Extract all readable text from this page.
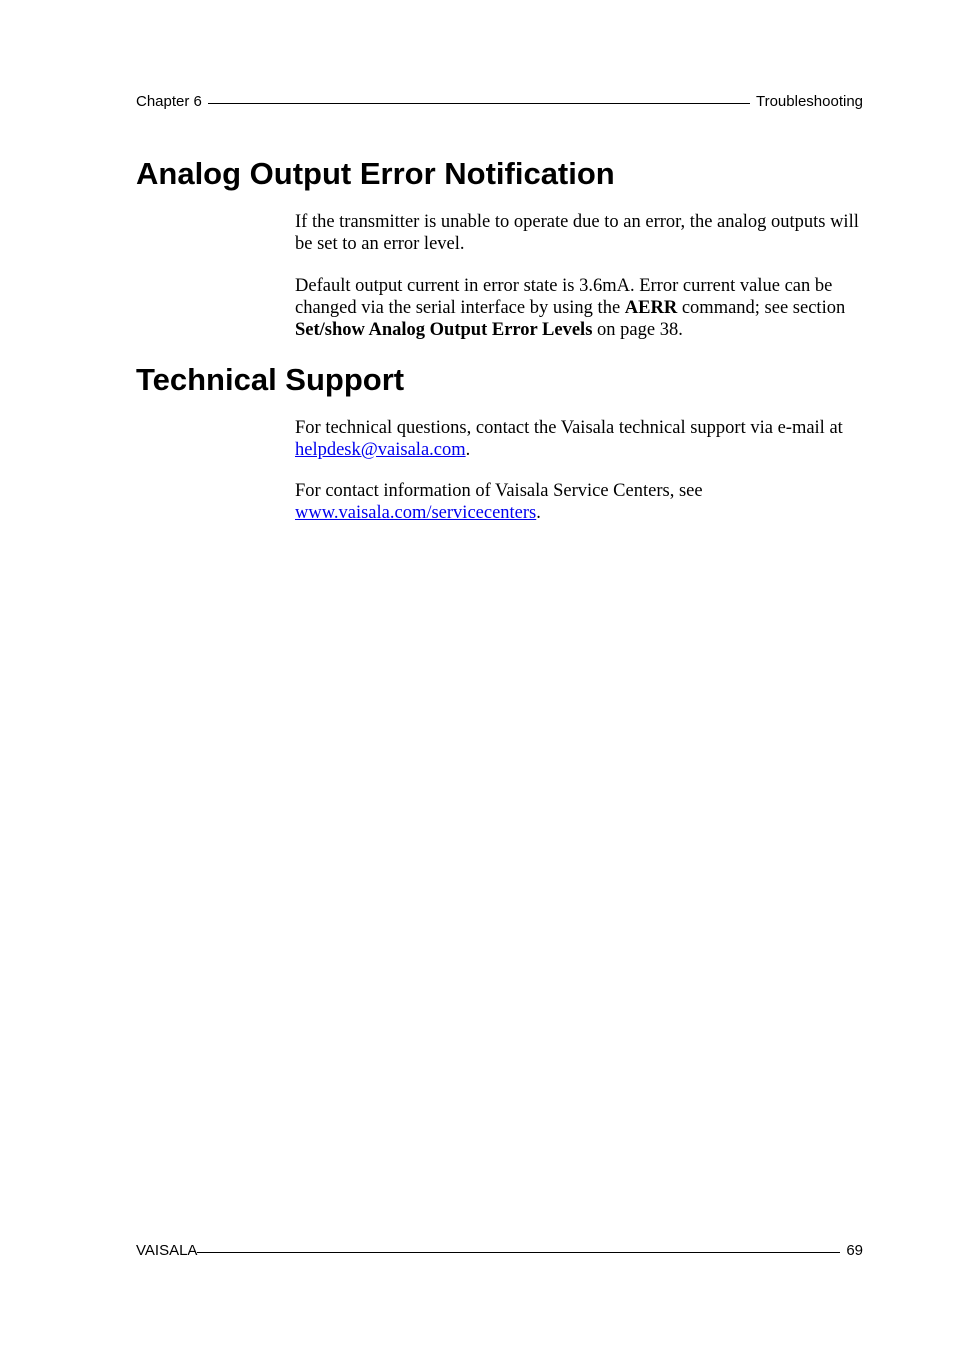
Chapter 6	Troubleshooting
Analog Output Error Notification

If the transmitter is unable to operate due to an error, the analog outputs will be set to an error level.

Default output current in error state is 3.6mA. Error current value can be changed via the serial interface by using the AERR command; see section Set/show Analog Output Error Levels on page 38.

Technical Support

For technical questions, contact the Vaisala technical support via e-mail at helpdesk@vaisala.com.

For contact information of Vaisala Service Centers, see
www.vaisala.com/servicecenters.

VAISALA	69
